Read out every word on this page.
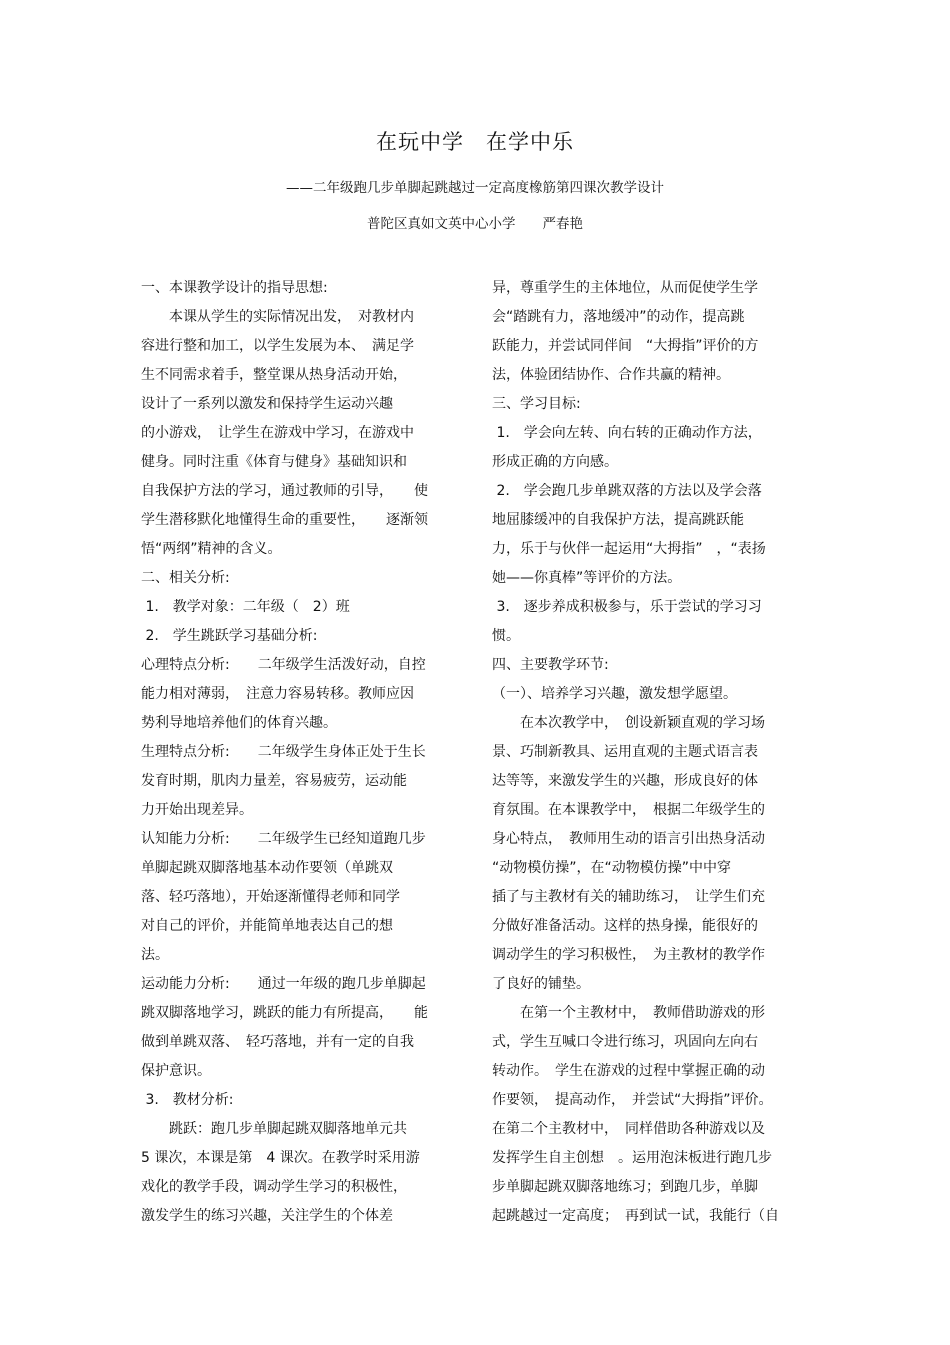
在玩中学　在学中乐
——二年级跑几步单脚起跳越过一定高度橡筋第四课次教学设计
普陀区真如文英中心小学　　严春艳
一、本课教学设计的指导思想:
　　本课从学生的实际情况出发，　对教材内
容进行整和加工，以学生发展为本、　满足学
生不同需求着手，整堂课从热身活动开始，
设计了一系列以激发和保持学生运动兴趣
的小游戏，　让学生在游戏中学习，在游戏中
健身。同时注重《体育与健身》基础知识和
自我保护方法的学习，通过教师的引导，　　使
学生潜移默化地懂得生命的重要性，　　逐渐领
悟“两纲”精神的含义。
二、相关分析:
1.　教学对象：二年级（　2）班
2.　学生跳跃学习基础分析:
心理特点分析:　　二年级学生活泼好动，自控
能力相对薄弱，　注意力容易转移。教师应因
势利导地培养他们的体育兴趣。
生理特点分析:　　二年级学生身体正处于生长
发育时期，肌肉力量差，容易疲劳，运动能
力开始出现差异。
认知能力分析:　　二年级学生已经知道跑几步
单脚起跳双脚落地基本动作要领（单跳双
落、轻巧落地），开始逐渐懂得老师和同学
对自己的评价，并能简单地表达自己的想
法。
运动能力分析:　　通过一年级的跑几步单脚起
跳双脚落地学习，跳跃的能力有所提高，　　能
做到单跳双落、　轻巧落地，并有一定的自我
保护意识。
3.　教材分析:
　　跳跃：跑几步单脚起跳双脚落地单元共
5 课次，本课是第　4 课次。在教学时采用游
戏化的教学手段，调动学生学习的积极性，
激发学生的练习兴趣，关注学生的个体差
异，尊重学生的主体地位，从而促使学生学
会“踏跳有力，落地缓冲”的动作，提高跳
跃能力，并尝试同伴间　“大拇指”评价的方
法，体验团结协作、合作共赢的精神。
三、学习目标:
1.　学会向左转、向右转的正确动作方法，
形成正确的方向感。
2.　学会跑几步单跳双落的方法以及学会落
地屈膝缓冲的自我保护方法，提高跳跃能
力，乐于与伙伴一起运用“大拇指”　，“表扬
她——你真棒”等评价的方法。
3.　逐步养成积极参与，乐于尝试的学习习
惯。
四、主要教学环节:
（一）、培养学习兴趣，激发想学愿望。
　　在本次教学中，　创设新颖直观的学习场
景、巧制新教具、运用直观的主题式语言表
达等等，来激发学生的兴趣，形成良好的体
育氛围。在本课教学中，　根据二年级学生的
身心特点，　教师用生动的语言引出热身活动
“动物模仿操”，在“动物模仿操”中中穿
插了与主教材有关的辅助练习，　让学生们充
分做好准备活动。这样的热身操，能很好的
调动学生的学习积极性，　为主教材的教学作
了良好的铺垫。
　　在第一个主教材中，　教师借助游戏的形
式，学生互喊口令进行练习，巩固向左向右
转动作。　学生在游戏的过程中掌握正确的动
作要领，　提高动作，　并尝试“大拇指”评价。
在第二个主教材中，　同样借助各种游戏以及
发挥学生自主创想　。运用泡沫板进行跑几步
步单脚起跳双脚落地练习；到跑几步，单脚
起跳越过一定高度；　再到试一试，我能行（自
